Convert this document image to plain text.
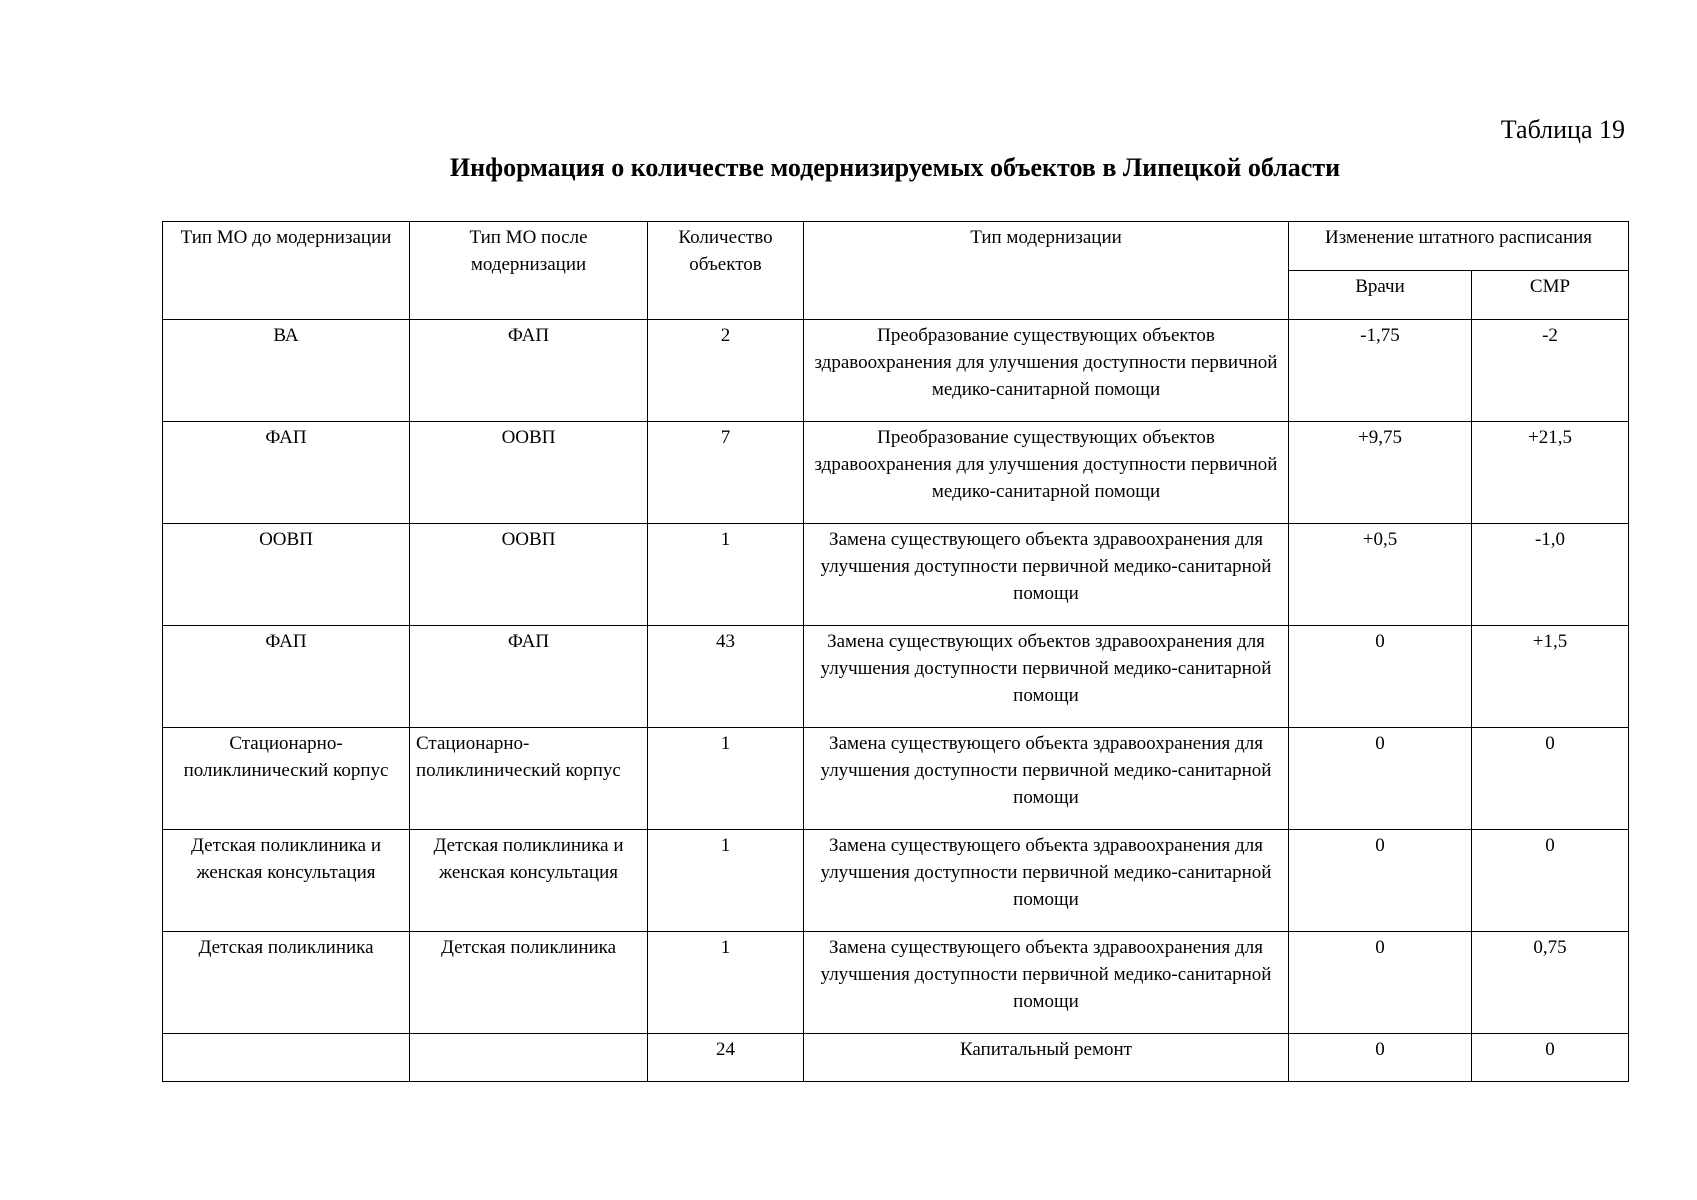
Таблица 19
Информация о количестве модернизируемых объектов в Липецкой области
Тип МО до модернизации	Тип МО после модернизации	Количество объектов	Тип модернизации	Изменение штатного расписания	
				Врачи	СМР
ВА	ФАП	2	Преобразование существующих объектов здравоохранения для улучшения доступности первичной медико-санитарной помощи	-1,75	-2
ФАП	ООВП	7	Преобразование существующих объектов здравоохранения для улучшения доступности первичной медико-санитарной помощи	+9,75	+21,5
ООВП	ООВП	1	Замена существующего объекта здравоохранения для улучшения доступности первичной медико-санитарной помощи	+0,5	-1,0
ФАП	ФАП	43	Замена существующих объектов здравоохранения для улучшения доступности первичной медико-санитарной помощи	0	+1,5
Стационарно-поликлинический корпус	Стационарно-поликлинический корпус	1	Замена существующего объекта здравоохранения для улучшения доступности первичной медико-санитарной помощи	0	0
Детская поликлиника и женская консультация	Детская поликлиника и женская консультация	1	Замена существующего объекта здравоохранения для улучшения доступности первичной медико-санитарной помощи	0	0
Детская поликлиника	Детская поликлиника	1	Замена существующего объекта здравоохранения для улучшения доступности первичной медико-санитарной помощи	0	0,75
		24	Капитальный ремонт	0	0
